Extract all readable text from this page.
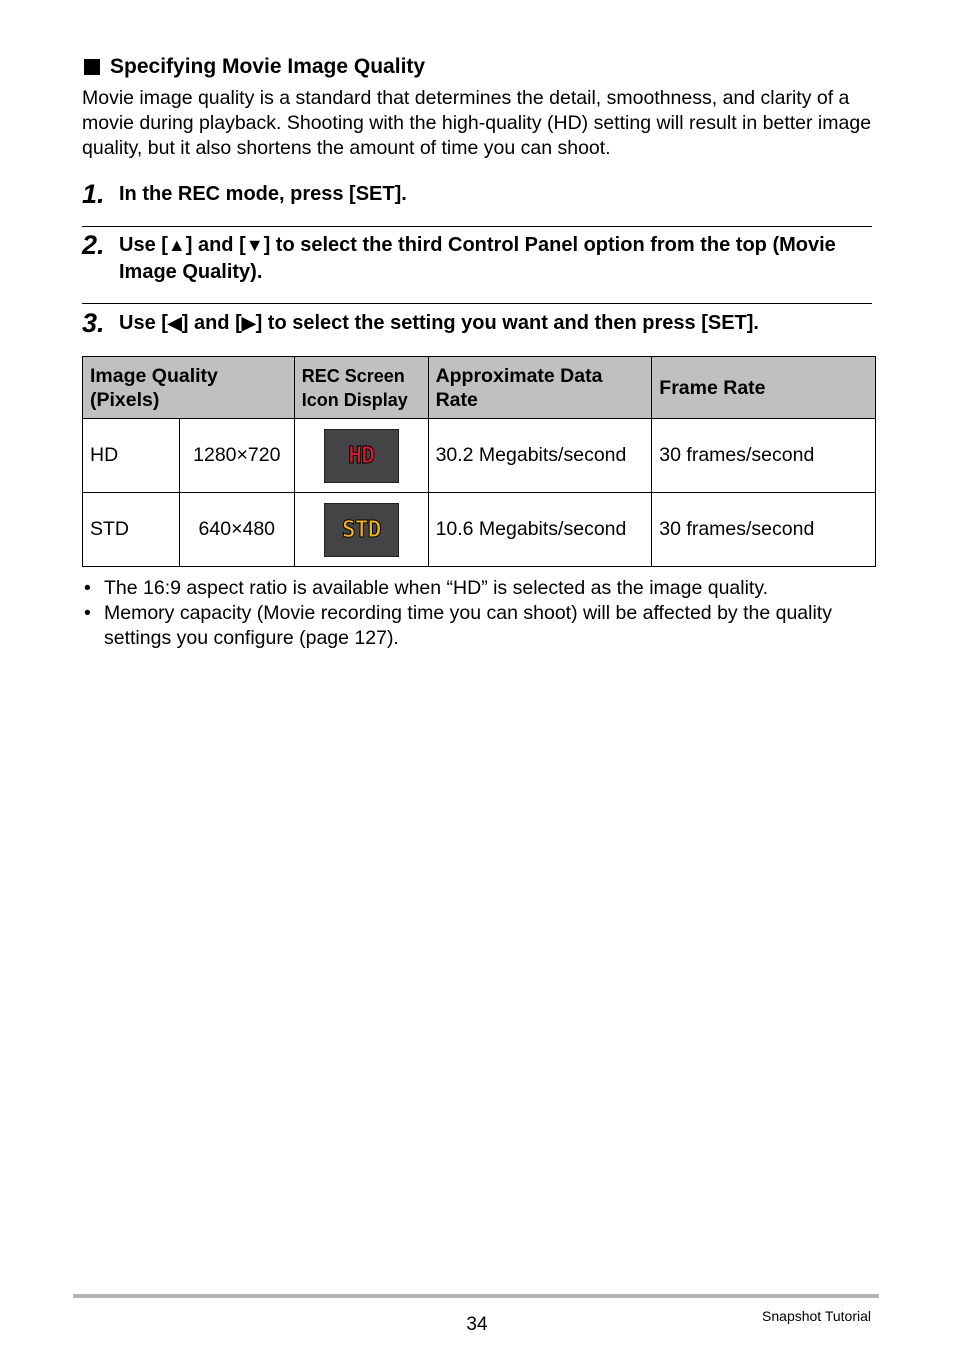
Specifying Movie Image Quality
Movie image quality is a standard that determines the detail, smoothness, and clarity of a movie during playback. Shooting with the high-quality (HD) setting will result in better image quality, but it also shortens the amount of time you can shoot.
1. In the REC mode, press [SET].
2. Use [▲] and [▼] to select the third Control Panel option from the top (Movie Image Quality).
3. Use [◀] and [▶] to select the setting you want and then press [SET].
Image Quality (Pixels)		REC Screen Icon Display	Approximate Data Rate	Frame Rate
HD	1280×720	HD	30.2 Megabits/second	30 frames/second
STD	640×480	STD	10.6 Megabits/second	30 frames/second
• The 16:9 aspect ratio is available when “HD” is selected as the image quality.
• Memory capacity (Movie recording time you can shoot) will be affected by the quality settings you configure (page 127).
34	Snapshot Tutorial
